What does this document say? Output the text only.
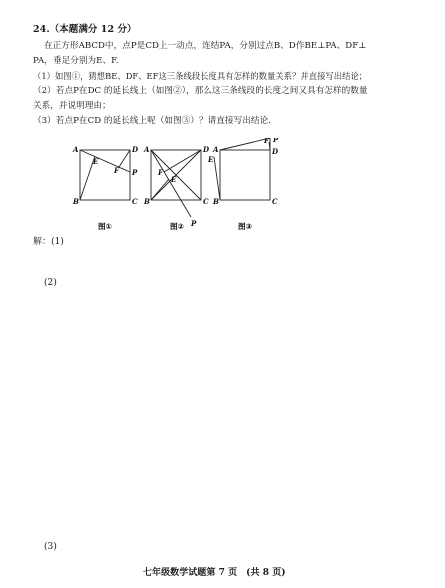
24.（本题满分 12 分）
在正方形ABCD中，点P是CD上一动点，连结PA，分别过点B、D作BE⊥PA、DF⊥
PA，垂足分别为E、F.
（1）如图①，猜想BE、DF、EF这三条线段长度具有怎样的数量关系？并直接写出结论；
（2）若点P在DC 的延长线上（如图②），那么这三条线段的长度之间又具有怎样的数量
关系，并说明理由；
（3）若点P在CD 的延长线上呢（如图③）？请直接写出结论.
A	D
B	C
E
F P
A	D
B	C
F
E
P
A	D
B	C
E
F P
图①	图②	图③
解：(1)
(2)
(3)
七年级数学试题第 7 页　(共 8 页)
